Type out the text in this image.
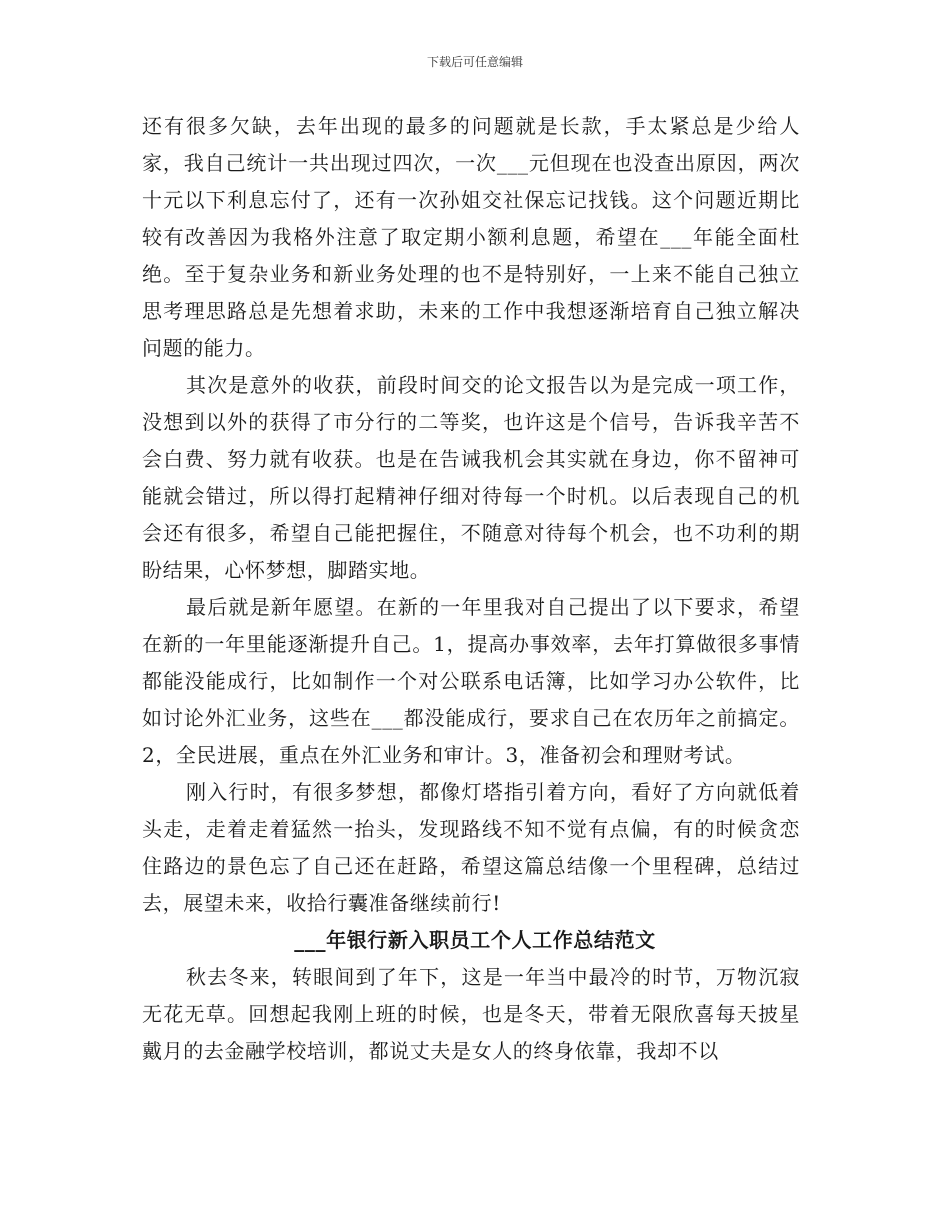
下载后可任意编辑

还有很多欠缺，去年出现的最多的问题就是长款，手太紧总是少给人家，我自己统计一共出现过四次，一次___元但现在也没查出原因，两次十元以下利息忘付了，还有一次孙姐交社保忘记找钱。这个问题近期比较有改善因为我格外注意了取定期小额利息题，希望在___年能全面杜绝。至于复杂业务和新业务处理的也不是特别好，一上来不能自己独立思考理思路总是先想着求助，未来的工作中我想逐渐培育自己独立解决问题的能力。

其次是意外的收获，前段时间交的论文报告以为是完成一项工作，没想到以外的获得了市分行的二等奖，也许这是个信号，告诉我辛苦不会白费、努力就有收获。也是在告诫我机会其实就在身边，你不留神可能就会错过，所以得打起精神仔细对待每一个时机。以后表现自己的机会还有很多，希望自己能把握住，不随意对待每个机会，也不功利的期盼结果，心怀梦想，脚踏实地。

最后就是新年愿望。在新的一年里我对自己提出了以下要求，希望在新的一年里能逐渐提升自己。1，提高办事效率，去年打算做很多事情都能没能成行，比如制作一个对公联系电话簿，比如学习办公软件，比如讨论外汇业务，这些在___都没能成行，要求自己在农历年之前搞定。2，全民进展，重点在外汇业务和审计。3，准备初会和理财考试。

刚入行时，有很多梦想，都像灯塔指引着方向，看好了方向就低着头走，走着走着猛然一抬头，发现路线不知不觉有点偏，有的时候贪恋住路边的景色忘了自己还在赶路，希望这篇总结像一个里程碑，总结过去，展望未来，收拾行囊准备继续前行!

___年银行新入职员工个人工作总结范文

秋去冬来，转眼间到了年下，这是一年当中最冷的时节，万物沉寂无花无草。回想起我刚上班的时候，也是冬天，带着无限欣喜每天披星戴月的去金融学校培训，都说丈夫是女人的终身依靠，我却不以
